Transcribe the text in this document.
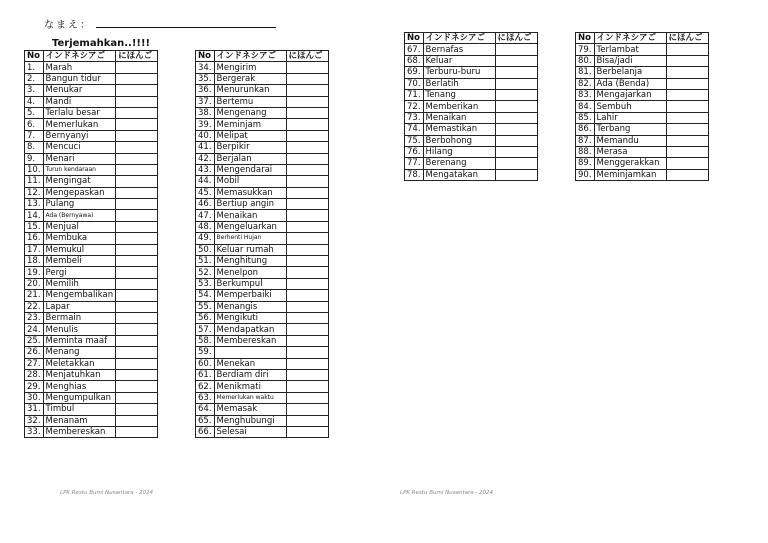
なまえ：
Terjemahkan..!!!!
No	インドネシアご	にほんご
1.	Marah	
2.	Bangun tidur	
3.	Menukar	
4.	Mandi	
5.	Terlalu besar	
6.	Memerlukan	
7.	Bernyanyi	
8.	Mencuci	
9.	Menari	
10.	Turun kendaraan	
11.	Mengingat	
12.	Mengepaskan	
13.	Pulang	
14.	Ada (Bernyawa)	
15.	Menjual	
16.	Membuka	
17.	Memukul	
18.	Membeli	
19.	Pergi	
20.	Memilih	
21.	Mengembalikan	
22.	Lapar	
23.	Bermain	
24.	Menulis	
25.	Meminta maaf	
26.	Menang	
27.	Meletakkan	
28.	Menjatuhkan	
29.	Menghias	
30.	Mengumpulkan	
31.	Timbul	
32.	Menanam	
33.	Membereskan	
No	インドネシアご	にほんご
34.	Mengirim	
35.	Bergerak	
36.	Menurunkan	
37.	Bertemu	
38.	Mengenang	
39.	Meminjam	
40.	Melipat	
41.	Berpikir	
42.	Berjalan	
43.	Mengendarai	
44.	Mobil	
45.	Memasukkan	
46.	Bertiup angin	
47.	Menaikan	
48.	Mengeluarkan	
49.	Berhenti Hujan	
50.	Keluar rumah	
51.	Menghitung	
52.	Menelpon	
53.	Berkumpul	
54.	Memperbaiki	
55.	Menangis	
56.	Mengikuti	
57.	Mendapatkan	
58.	Membereskan	
59.		
60.	Menekan	
61.	Berdiam diri	
62.	Menikmati	
63.	Memerlukan waktu	
64.	Memasak	
65.	Menghubungi	
66.	Selesai	
No	インドネシアご	にほんご
67.	Bernafas	
68.	Keluar	
69.	Terburu-buru	
70.	Berlatih	
71.	Tenang	
72.	Memberikan	
73.	Menaikan	
74.	Memastikan	
75.	Berbohong	
76.	Hilang	
77.	Berenang	
78.	Mengatakan	
No	インドネシアご	にほんご
79.	Terlambat	
80.	Bisa/jadi	
81.	Berbelanja	
82.	Ada (Benda)	
83.	Mengajarkan	
84.	Sembuh	
85.	Lahir	
86.	Terbang	
87.	Memandu	
88.	Merasa	
89.	Menggerakkan	
90.	Meminjamkan	
LPK Restu Bumi Nusantara - 2024	LPK Restu Bumi Nusantara - 2024
